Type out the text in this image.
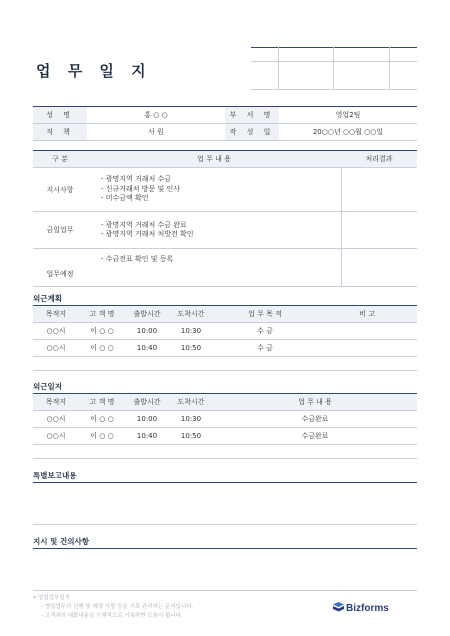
업 무 일 지

성 명	홍 ○ ○	부 서 명	영업2팀
직 책	사 원	작 성 일	20○○년 ○○월 ○○일
구 분	업 무 내 용	처리결과
지시사항	- 광명지역 거래처 수금
- 신규거래처 방문 및 인사
- 미수금액 확인	

금일업무	- 광명지역 거래처 수금 완료
- 광명지역 거래처 처방전 확인	

업무예정	- 수금전표 확인 및 등록	

외근계획
목적지	고 객 명	출발시간	도착시간	업 무 목 적	비 고
○○시	이 ○ ○	10:00	10:30	수 금	
○○시	이 ○ ○	10:40	10:50	수 금	

외근일지
목적지	고 객 명	출발시간	도착시간	업 무 내 용
○○시	이 ○ ○	10:00	10:30	수금완료
○○시	이 ○ ○	10:40	10:50	수금완료

특별보고내용
지시 및 건의사항
• 영업업무일지
- 영업업무의 진행 및 예정 사항 등을 기록 관리하는 문서입니다.
- 고객과의 대화내용을 구체적으로 기록하면 도움이 됩니다.
Bizforms
